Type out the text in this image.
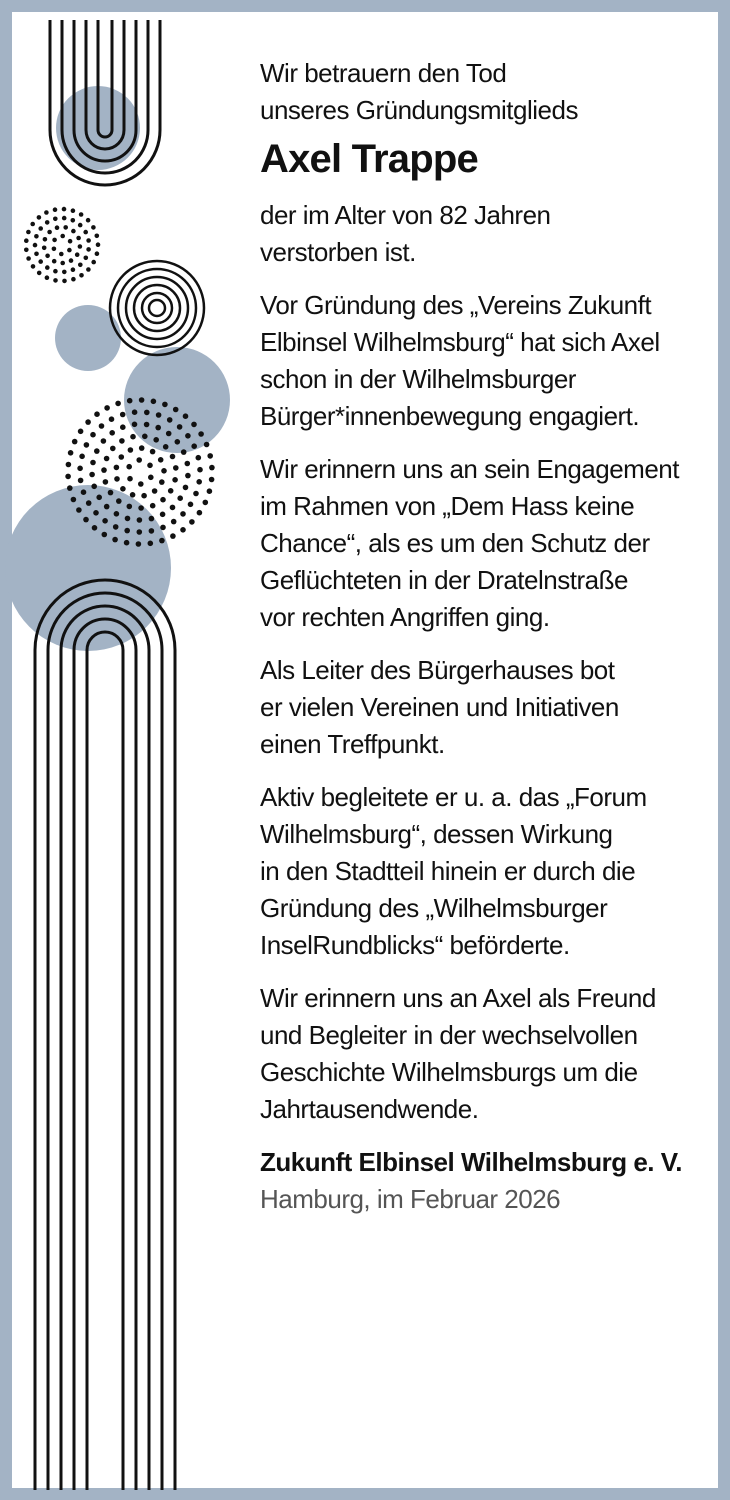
Wir betrauern den Tod
unseres Gründungsmitglieds

Axel Trappe

der im Alter von 82 Jahren
verstorben ist.

Vor Gründung des „Vereins Zukunft
Elbinsel Wilhelmsburg“ hat sich Axel
schon in der Wilhelmsburger
Bürger*innenbewegung engagiert.

Wir erinnern uns an sein Engagement
im Rahmen von „Dem Hass keine
Chance“, als es um den Schutz der
Geflüchteten in der Dratelnstraße
vor rechten Angriffen ging.

Als Leiter des Bürgerhauses bot
er vielen Vereinen und Initiativen
einen Treffpunkt.

Aktiv begleitete er u. a. das „Forum
Wilhelmsburg“, dessen Wirkung
in den Stadtteil hinein er durch die
Gründung des „Wilhelmsburger
InselRundblicks“ beförderte.

Wir erinnern uns an Axel als Freund
und Begleiter in der wechselvollen
Geschichte Wilhelmsburgs um die
Jahrtausendwende.

Zukunft Elbinsel Wilhelmsburg e. V.

Hamburg, im Februar 2026
